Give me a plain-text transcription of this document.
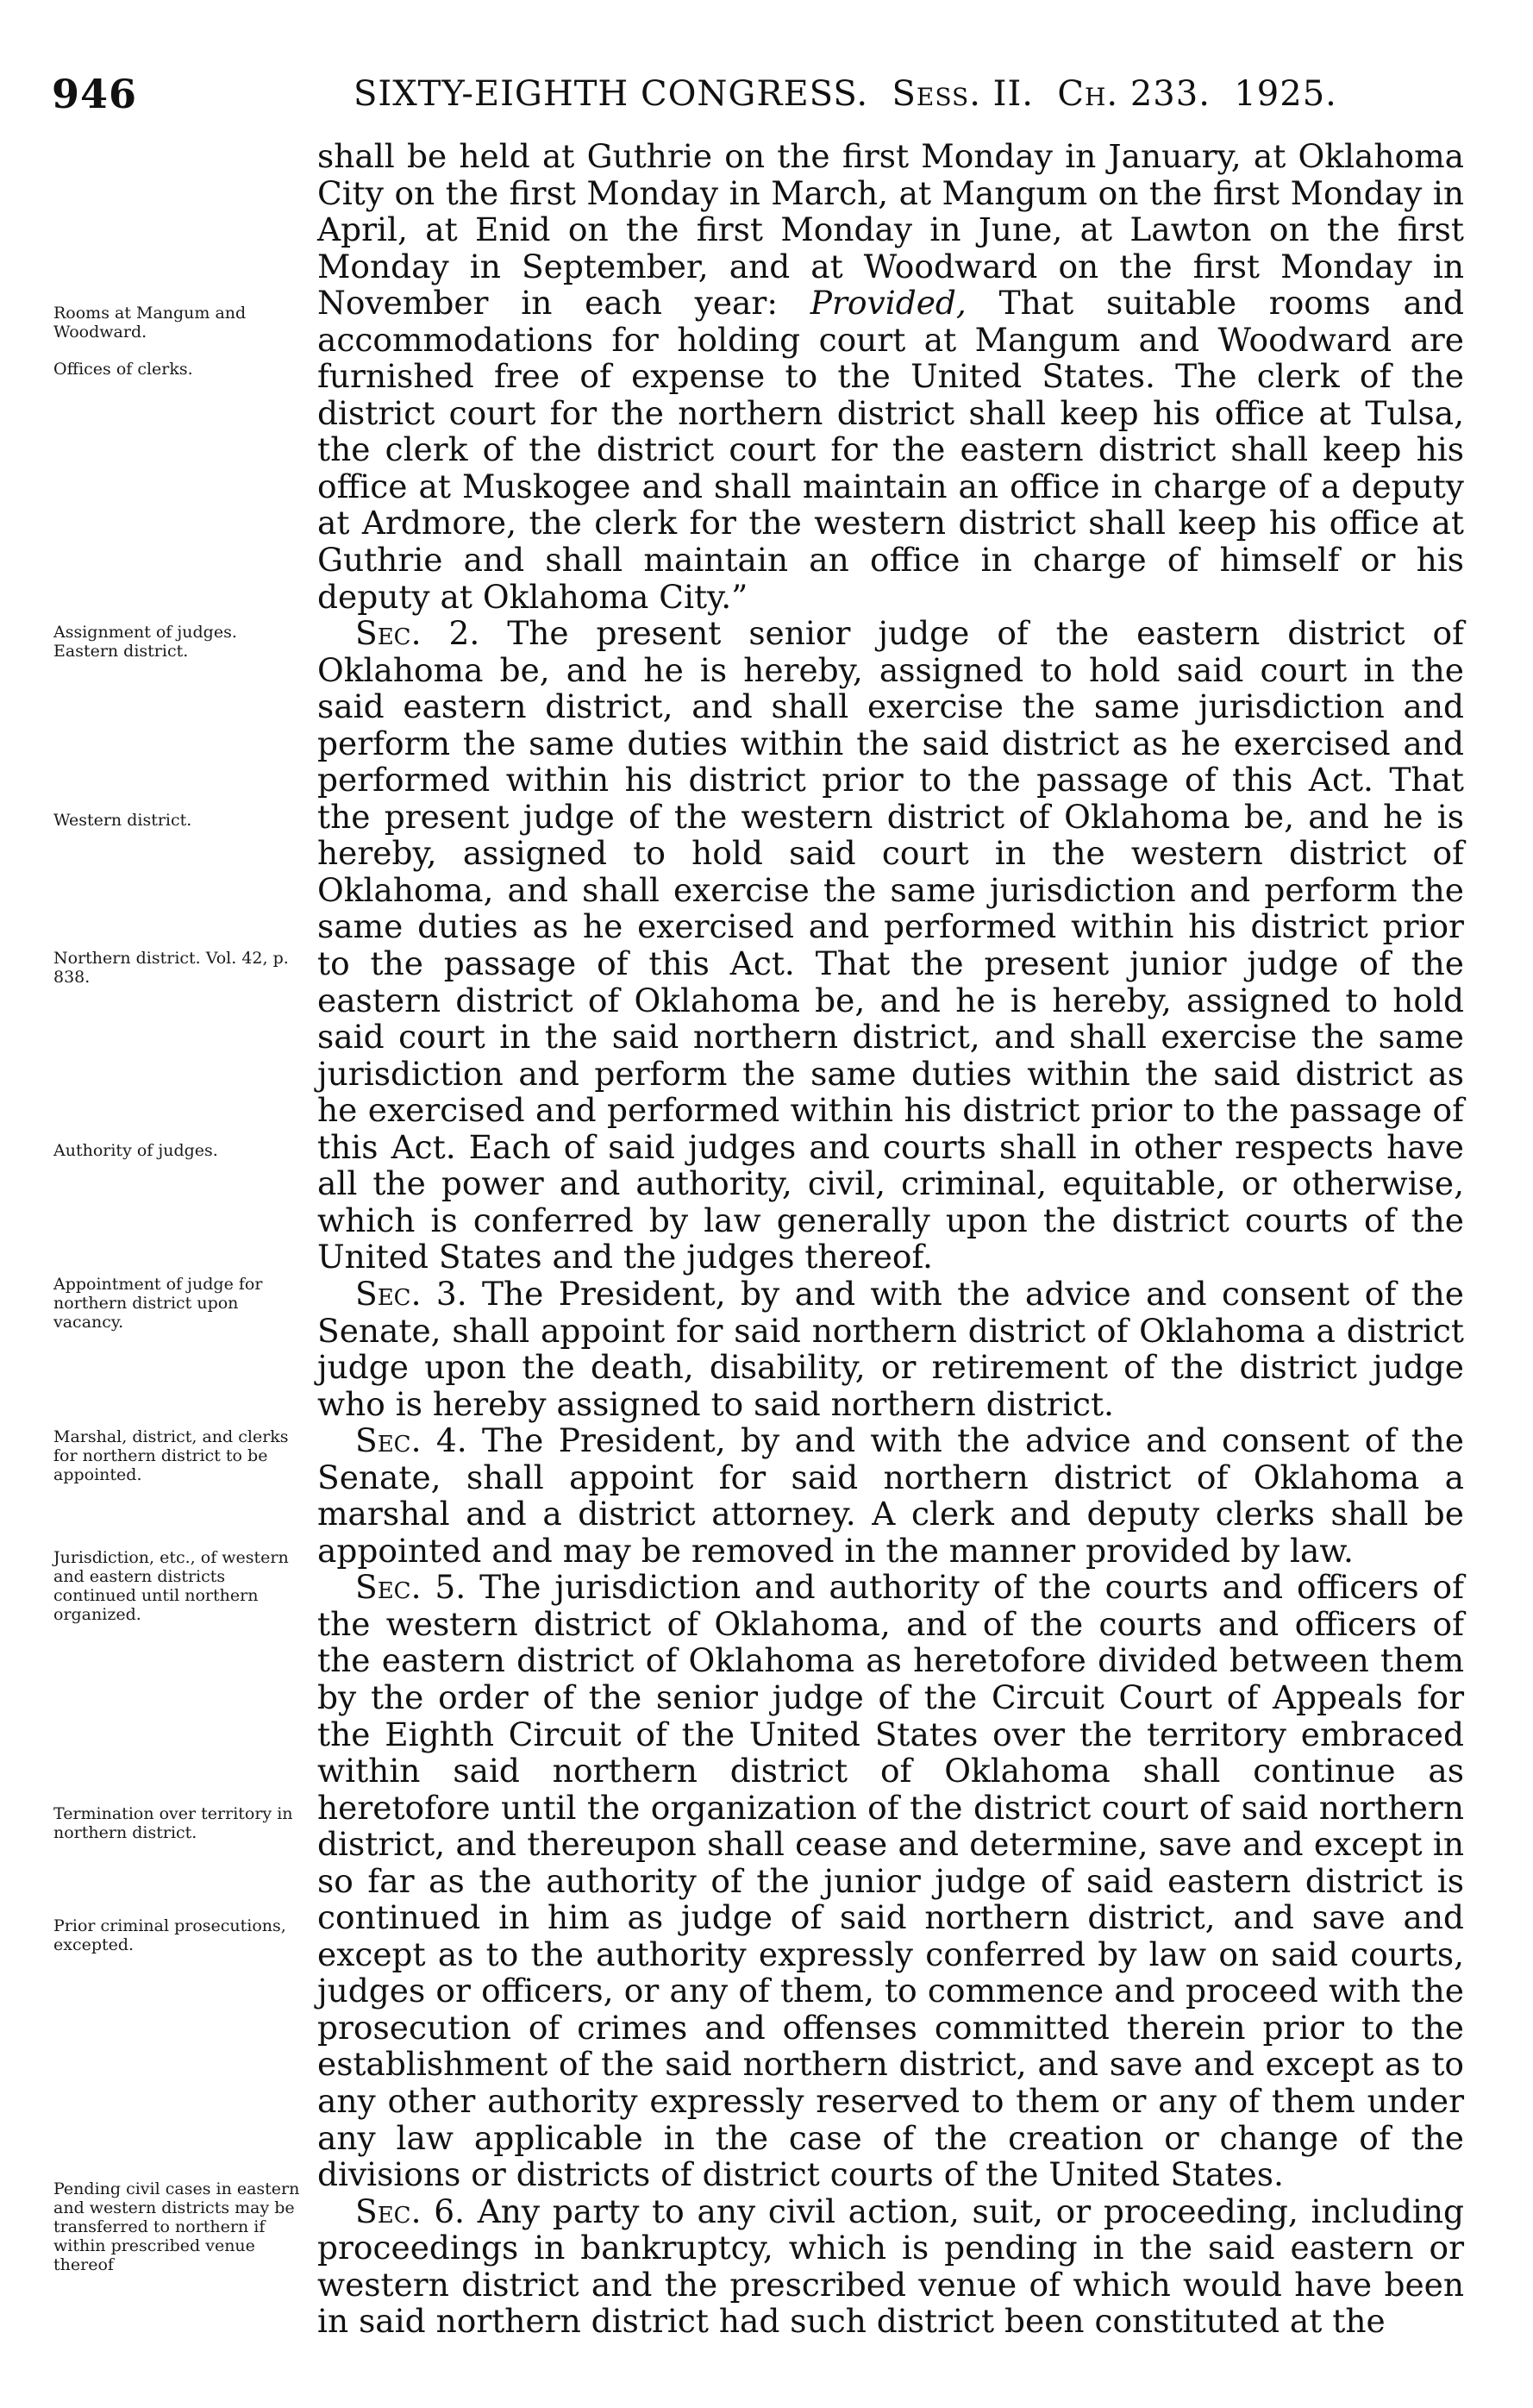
946	SIXTY-EIGHTH CONGRESS. Sess. II. Ch. 233. 1925.
Rooms at Mangum and Woodward.
Offices of clerks.
Assignment of judges. Eastern district.
Western district.
Northern district. Vol. 42, p. 838.
Authority of judges.
Appointment of judge for northern district upon vacancy.
Marshal, district, and clerks for northern district to be appointed.
Jurisdiction, etc., of western and eastern districts continued until northern organized.
Termination over territory in northern district.
Prior criminal prosecutions, excepted.
Pending civil cases in eastern and western districts may be transferred to northern if within prescribed venue thereof

shall be held at Guthrie on the first Monday in January, at Oklahoma City on the first Monday in March, at Mangum on the first Monday in April, at Enid on the first Monday in June, at Lawton on the first Monday in September, and at Woodward on the first Monday in November in each year: Provided, That suitable rooms and accommodations for holding court at Mangum and Woodward are furnished free of expense to the United States. The clerk of the district court for the northern district shall keep his office at Tulsa, the clerk of the district court for the eastern district shall keep his office at Muskogee and shall maintain an office in charge of a deputy at Ardmore, the clerk for the western district shall keep his office at Guthrie and shall maintain an office in charge of himself or his deputy at Oklahoma City.”

Sec. 2. The present senior judge of the eastern district of Oklahoma be, and he is hereby, assigned to hold said court in the said eastern district, and shall exercise the same jurisdiction and perform the same duties within the said district as he exercised and performed within his district prior to the passage of this Act. That the present judge of the western district of Oklahoma be, and he is hereby, assigned to hold said court in the western district of Oklahoma, and shall exercise the same jurisdiction and perform the same duties as he exercised and performed within his district prior to the passage of this Act. That the present junior judge of the eastern district of Oklahoma be, and he is hereby, assigned to hold said court in the said northern district, and shall exercise the same jurisdiction and perform the same duties within the said district as he exercised and performed within his district prior to the passage of this Act. Each of said judges and courts shall in other respects have all the power and authority, civil, criminal, equitable, or otherwise, which is conferred by law generally upon the district courts of the United States and the judges thereof.

Sec. 3. The President, by and with the advice and consent of the Senate, shall appoint for said northern district of Oklahoma a district judge upon the death, disability, or retirement of the district judge who is hereby assigned to said northern district.

Sec. 4. The President, by and with the advice and consent of the Senate, shall appoint for said northern district of Oklahoma a marshal and a district attorney. A clerk and deputy clerks shall be appointed and may be removed in the manner provided by law.

Sec. 5. The jurisdiction and authority of the courts and officers of the western district of Oklahoma, and of the courts and officers of the eastern district of Oklahoma as heretofore divided between them by the order of the senior judge of the Circuit Court of Appeals for the Eighth Circuit of the United States over the territory embraced within said northern district of Oklahoma shall continue as heretofore until the organization of the district court of said northern district, and thereupon shall cease and determine, save and except in so far as the authority of the junior judge of said eastern district is continued in him as judge of said northern district, and save and except as to the authority expressly conferred by law on said courts, judges or officers, or any of them, to commence and proceed with the prosecution of crimes and offenses committed therein prior to the establishment of the said northern district, and save and except as to any other authority expressly reserved to them or any of them under any law applicable in the case of the creation or change of the divisions or districts of district courts of the United States.

Sec. 6. Any party to any civil action, suit, or proceeding, including proceedings in bankruptcy, which is pending in the said eastern or western district and the prescribed venue of which would have been in said northern district had such district been constituted at the
